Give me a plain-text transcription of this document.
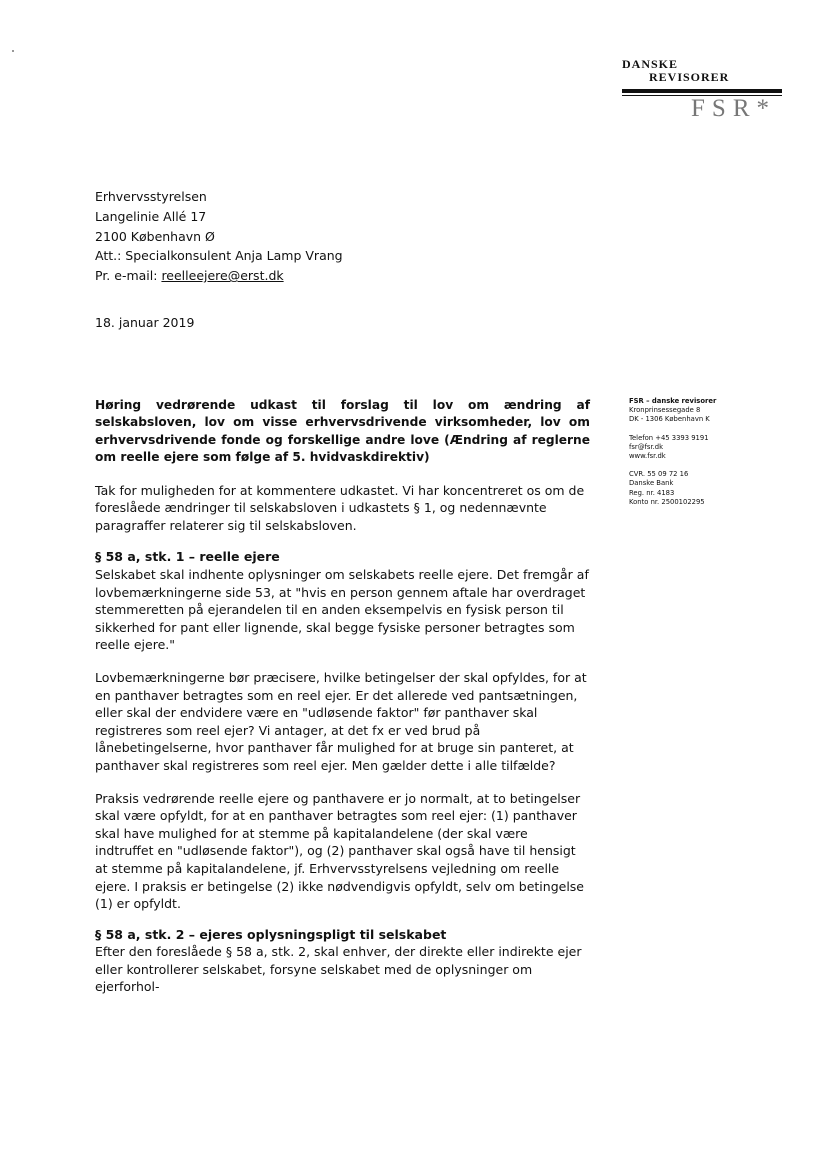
DANSKE
REVISORER
FSR*
Erhvervsstyrelsen
Langelinie Allé 17
2100 København Ø
Att.: Specialkonsulent Anja Lamp Vrang
Pr. e-mail: reelleejere@erst.dk
18. januar 2019

Høring vedrørende udkast til forslag til lov om ændring af selskabsloven, lov om visse erhvervsdrivende virksomheder, lov om erhvervsdrivende fonde og forskellige andre love (Ændring af reglerne om reelle ejere som følge af 5. hvidvaskdirektiv)

Tak for muligheden for at kommentere udkastet. Vi har koncentreret os om de foreslåede ændringer til selskabsloven i udkastets § 1, og nedennævnte paragraffer relaterer sig til selskabsloven.

§ 58 a, stk. 1 – reelle ejere

Selskabet skal indhente oplysninger om selskabets reelle ejere. Det fremgår af lovbemærkningerne side 53, at "hvis en person gennem aftale har overdraget stemmeretten på ejerandelen til en anden eksempelvis en fysisk person til sikkerhed for pant eller lignende, skal begge fysiske personer betragtes som reelle ejere."

Lovbemærkningerne bør præcisere, hvilke betingelser der skal opfyldes, for at en panthaver betragtes som en reel ejer. Er det allerede ved pantsætningen, eller skal der endvidere være en "udløsende faktor" før panthaver skal registreres som reel ejer? Vi antager, at det fx er ved brud på lånebetingelserne, hvor panthaver får mulighed for at bruge sin panteret, at panthaver skal registreres som reel ejer. Men gælder dette i alle tilfælde?

Praksis vedrørende reelle ejere og panthavere er jo normalt, at to betingelser skal være opfyldt, for at en panthaver betragtes som reel ejer: (1) panthaver skal have mulighed for at stemme på kapitalandelene (der skal være indtruffet en "udløsende faktor"), og (2) panthaver skal også have til hensigt at stemme på kapitalandelene, jf. Erhvervsstyrelsens vejledning om reelle ejere. I praksis er betingelse (2) ikke nødvendigvis opfyldt, selv om betingelse (1) er opfyldt.

§ 58 a, stk. 2 – ejeres oplysningspligt til selskabet

Efter den foreslåede § 58 a, stk. 2, skal enhver, der direkte eller indirekte ejer eller kontrollerer selskabet, forsyne selskabet med de oplysninger om ejerforhol-

FSR – danske revisorer
Kronprinsessegade 8
DK - 1306 København K
Telefon +45 3393 9191
fsr@fsr.dk
www.fsr.dk
CVR. 55 09 72 16
Danske Bank
Reg. nr. 4183
Konto nr. 2500102295
